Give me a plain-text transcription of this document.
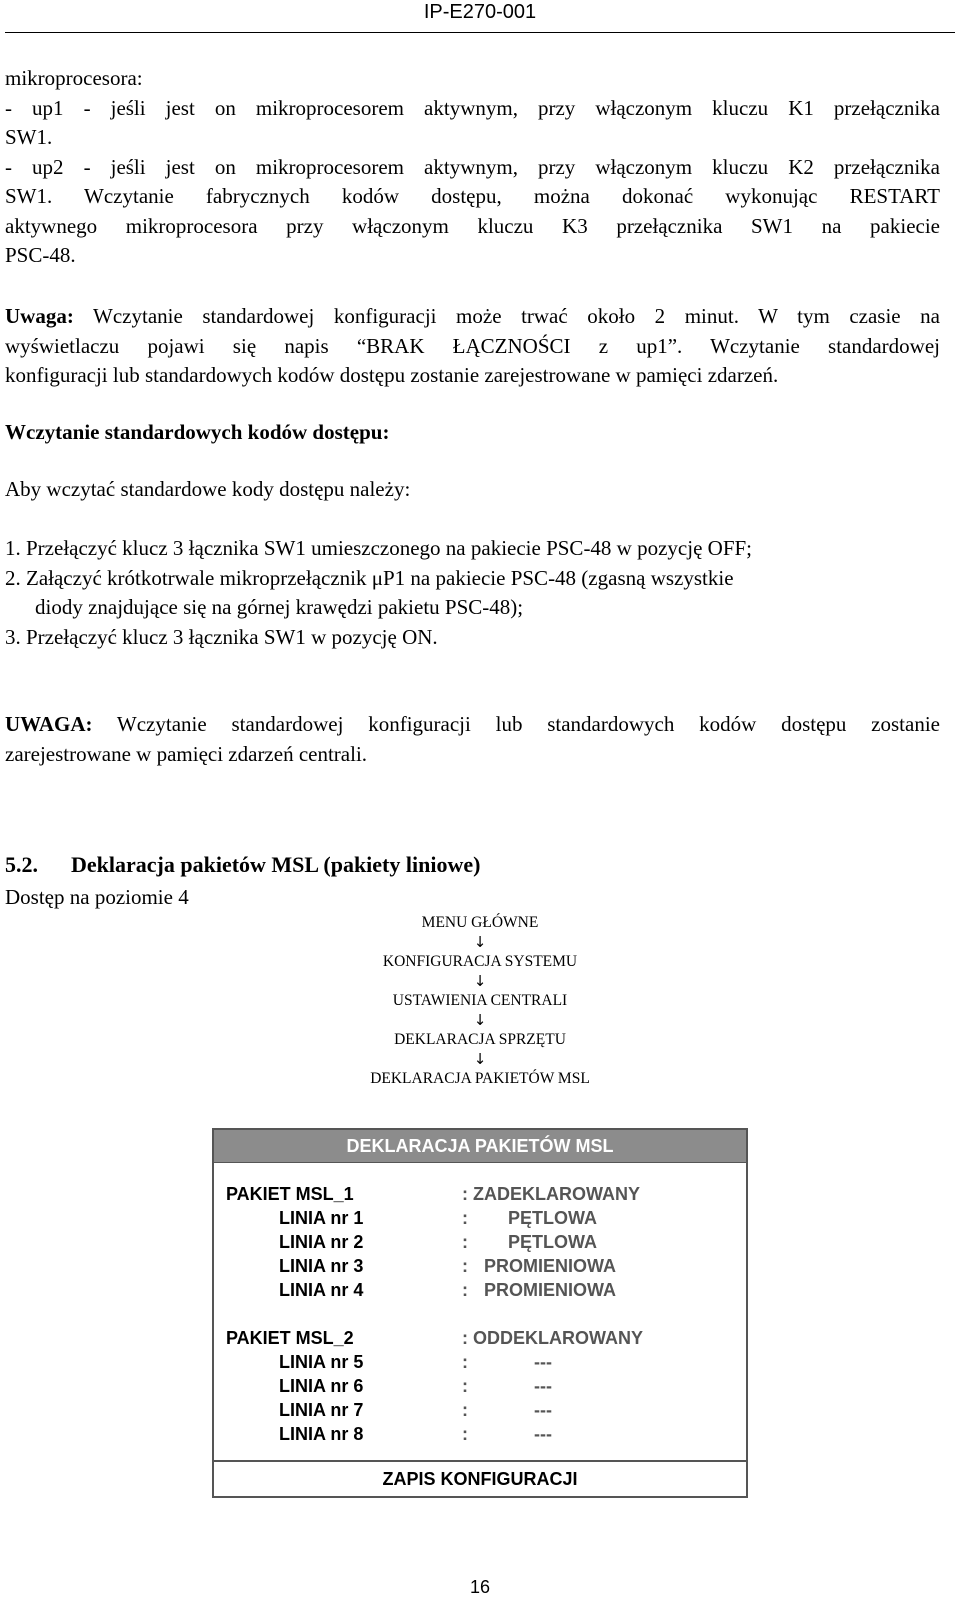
IP-E270-001
mikroprocesora:
- up1 - jeśli jest on mikroprocesorem aktywnym, przy włączonym kluczu K1 przełącznika
SW1.
- up2 - jeśli jest on mikroprocesorem aktywnym, przy włączonym kluczu K2 przełącznika
SW1. Wczytanie fabrycznych kodów dostępu, można dokonać wykonując RESTART
aktywnego mikroprocesora przy włączonym kluczu K3 przełącznika SW1 na pakiecie
PSC-48.
Uwaga: Wczytanie standardowej konfiguracji może trwać około 2 minut. W tym czasie na
wyświetlaczu pojawi się napis “BRAK ŁĄCZNOŚCI z up1”. Wczytanie standardowej
konfiguracji lub standardowych kodów dostępu zostanie zarejestrowane w pamięci zdarzeń.
Wczytanie standardowych kodów dostępu:
Aby wczytać standardowe kody dostępu należy:
1. Przełączyć klucz 3 łącznika SW1 umieszczonego na pakiecie PSC-48 w pozycję OFF;
2. Załączyć krótkotrwale mikroprzełącznik μP1 na pakiecie PSC-48 (zgasną wszystkie
diody znajdujące się na górnej krawędzi pakietu PSC-48);
3. Przełączyć klucz 3 łącznika SW1 w pozycję ON.
UWAGA: Wczytanie standardowej konfiguracji lub standardowych kodów dostępu zostanie
zarejestrowane w pamięci zdarzeń centrali.
5.2. Deklaracja pakietów MSL (pakiety liniowe)
Dostęp na poziomie 4
MENU GŁÓWNE
↓
KONFIGURACJA SYSTEMU
↓
USTAWIENIA CENTRALI
↓
DEKLARACJA SPRZĘTU
↓
DEKLARACJA PAKIETÓW MSL
DEKLARACJA PAKIETÓW MSL
PAKIET MSL_1	: ZADEKLAROWANY
LINIA nr 1	: PĘTLOWA
LINIA nr 2	: PĘTLOWA
LINIA nr 3	: PROMIENIOWA
LINIA nr 4	: PROMIENIOWA
PAKIET MSL_2	: ODDEKLAROWANY
LINIA nr 5	:	---
LINIA nr 6	:	---
LINIA nr 7	:	---
LINIA nr 8	:	---
ZAPIS KONFIGURACJI
16
